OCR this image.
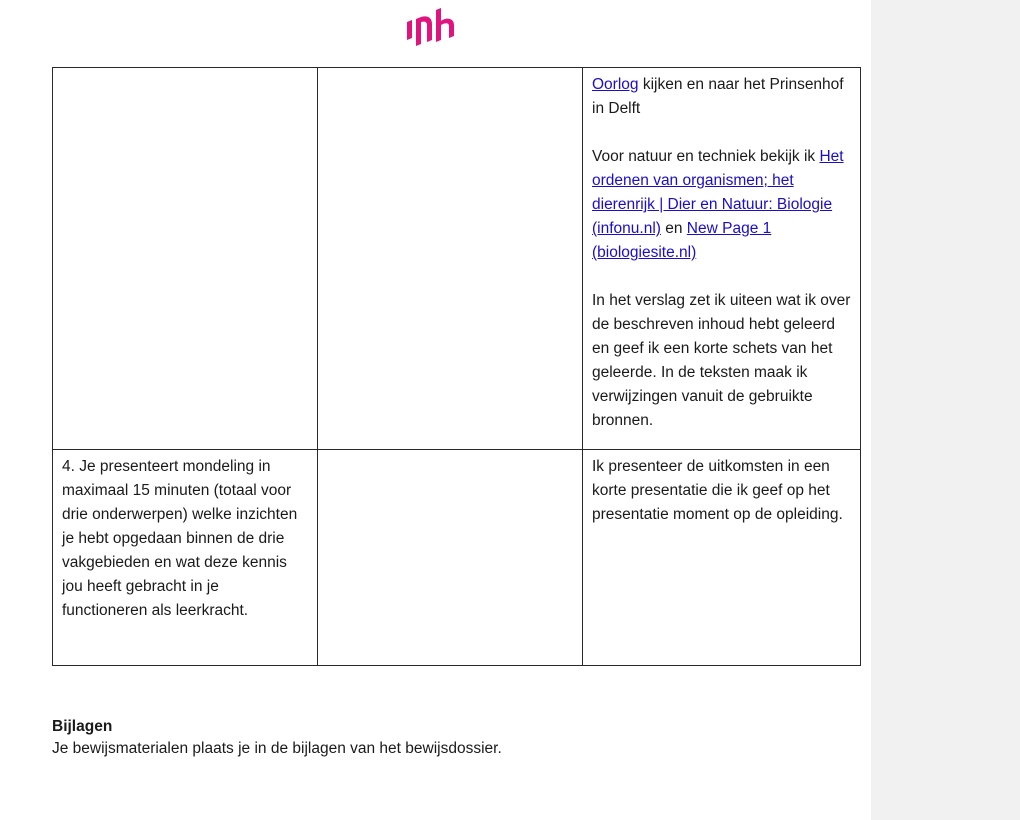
		Oorlog kijken en naar het Prinsenhof in Delft

Voor natuur en techniek bekijk ik Het ordenen van organismen; het dierenrijk | Dier en Natuur: Biologie (infonu.nl) en New Page 1 (biologiesite.nl)

In het verslag zet ik uiteen wat ik over de beschreven inhoud hebt geleerd en geef ik een korte schets van het geleerde. In de teksten maak ik verwijzingen vanuit de gebruikte bronnen.

4. Je presenteert mondeling in maximaal 15 minuten (totaal voor drie onderwerpen) welke inzichten je hebt opgedaan binnen de drie vakgebieden en wat deze kennis jou heeft gebracht in je functioneren als leerkracht.		Ik presenteer de uitkomsten in een korte presentatie die ik geef op het presentatie moment op de opleiding.

Bijlagen
Je bewijsmaterialen plaats je in de bijlagen van het bewijsdossier.
